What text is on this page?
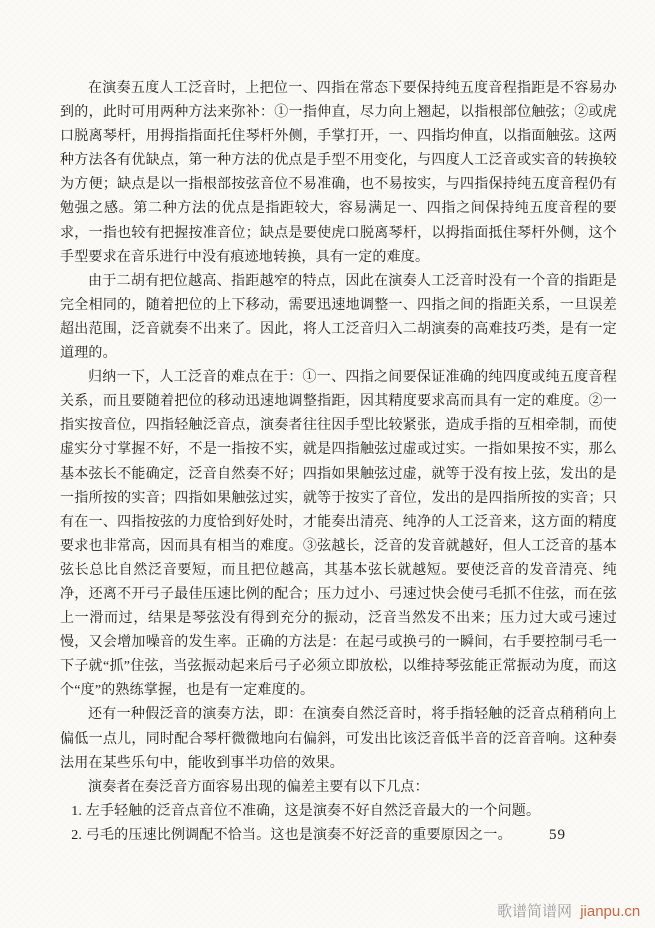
在演奏五度人工泛音时，上把位一、四指在常态下要保持纯五度音程指距是不容易办到的，此时可用两种方法来弥补：①一指伸直，尽力向上翘起，以指根部位触弦；②或虎口脱离琴杆，用拇指指面托住琴杆外侧，手掌打开，一、四指均伸直，以指面触弦。这两种方法各有优缺点，第一种方法的优点是手型不用变化，与四度人工泛音或实音的转换较为方便；缺点是以一指根部按弦音位不易准确，也不易按实，与四指保持纯五度音程仍有勉强之感。第二种方法的优点是指距较大，容易满足一、四指之间保持纯五度音程的要求，一指也较有把握按准音位；缺点是要使虎口脱离琴杆，以拇指面抵住琴杆外侧，这个手型要求在音乐进行中没有痕迹地转换，具有一定的难度。

由于二胡有把位越高、指距越窄的特点，因此在演奏人工泛音时没有一个音的指距是完全相同的，随着把位的上下移动，需要迅速地调整一、四指之间的指距关系，一旦误差超出范围，泛音就奏不出来了。因此，将人工泛音归入二胡演奏的高难技巧类，是有一定道理的。

归纳一下，人工泛音的难点在于：①一、四指之间要保证准确的纯四度或纯五度音程关系，而且要随着把位的移动迅速地调整指距，因其精度要求高而具有一定的难度。②一指实按音位，四指轻触泛音点，演奏者往往因手型比较紧张，造成手指的互相牵制，而使虚实分寸掌握不好，不是一指按不实，就是四指触弦过虚或过实。一指如果按不实，那么基本弦长不能确定，泛音自然奏不好；四指如果触弦过虚，就等于没有按上弦，发出的是一指所按的实音；四指如果触弦过实，就等于按实了音位，发出的是四指所按的实音；只有在一、四指按弦的力度恰到好处时，才能奏出清亮、纯净的人工泛音来，这方面的精度要求也非常高，因而具有相当的难度。③弦越长，泛音的发音就越好，但人工泛音的基本弦长总比自然泛音要短，而且把位越高，其基本弦长就越短。要使泛音的发音清亮、纯净，还离不开弓子最佳压速比例的配合；压力过小、弓速过快会使弓毛抓不住弦，而在弦上一滑而过，结果是琴弦没有得到充分的振动，泛音当然发不出来；压力过大或弓速过慢，又会增加噪音的发生率。正确的方法是：在起弓或换弓的一瞬间，右手要控制弓毛一下子就“抓”住弦，当弦振动起来后弓子必须立即放松，以维持琴弦能正常振动为度，而这个“度”的熟练掌握，也是有一定难度的。

还有一种假泛音的演奏方法，即：在演奏自然泛音时，将手指轻触的泛音点稍稍向上偏低一点儿，同时配合琴杆微微地向右偏斜，可发出比该泛音低半音的泛音音响。这种奏法用在某些乐句中，能收到事半功倍的效果。

演奏者在奏泛音方面容易出现的偏差主要有以下几点：

1. 左手轻触的泛音点音位不准确，这是演奏不好自然泛音最大的一个问题。

2. 弓毛的压速比例调配不恰当。这也是演奏不好泛音的重要原因之一。	59
歌谱简谱网 jianpu.cn
